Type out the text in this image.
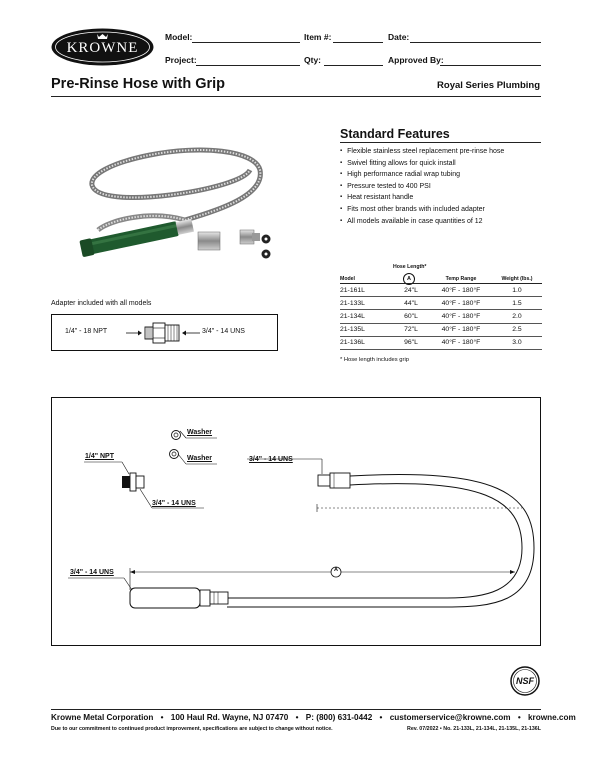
KROWNE
Model:	Item #:	Date:
Project:	Qty:	Approved By:
Pre-Rinse Hose with Grip	Royal Series Plumbing
Standard Features
▪ Flexible stainless steel replacement pre-rinse hose
▪ Swivel fitting allows for quick install
▪ High performance radial wrap tubing
▪ Pressure tested to 400 PSI
▪ Heat resistant handle
▪ Fits most other brands with included adapter
▪ All models available in case quantities of 12
Hose Length*
A
Model		Temp Range	Weight (lbs.)
21-161L	24"L	40°F - 180°F	1.0
21-133L	44"L	40°F - 180°F	1.5
21-134L	60"L	40°F - 180°F	2.0
21-135L	72"L	40°F - 180°F	2.5
21-136L	96"L	40°F - 180°F	3.0
* Hose length includes grip
Adapter included with all models
1/4" - 18 NPT	3/4" - 14 UNS
Washer
Washer
1/4" NPT
3/4" - 14 UNS
3/4" - 14 UNS
3/4" - 14 UNS	A
NSF
Krowne Metal Corporation • 100 Haul Rd. Wayne, NJ 07470 • P: (800) 631-0442 • customerservice@krowne.com • krowne.com
Due to our commitment to continued product improvement, specifications are subject to change without notice.	Rev. 07/2022 • No. 21-133L, 21-134L, 21-135L, 21-136L
